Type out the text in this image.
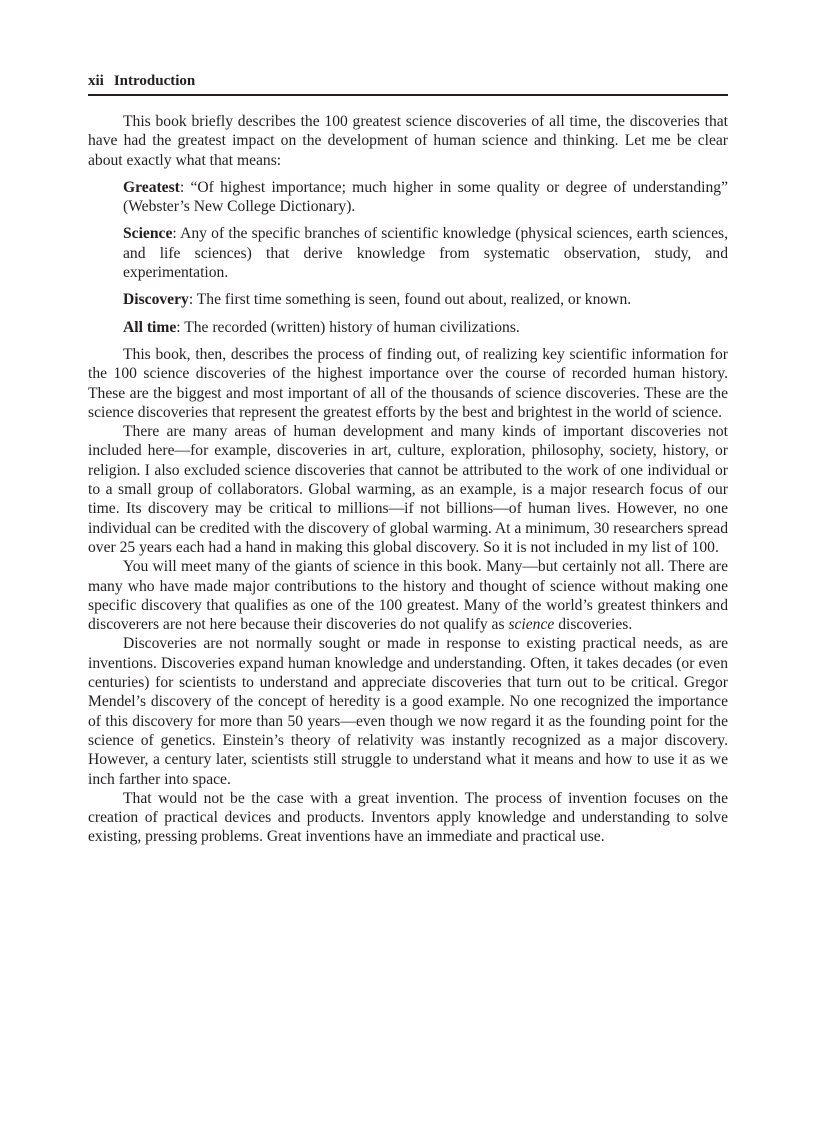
xii Introduction

This book briefly describes the 100 greatest science discoveries of all time, the discoveries that have had the greatest impact on the development of human science and thinking. Let me be clear about exactly what that means:

Greatest: “Of highest importance; much higher in some quality or degree of understanding” (Webster’s New College Dictionary).

Science: Any of the specific branches of scientific knowledge (physical sciences, earth sciences, and life sciences) that derive knowledge from systematic observation, study, and experimentation.

Discovery: The first time something is seen, found out about, realized, or known.

All time: The recorded (written) history of human civilizations.

This book, then, describes the process of finding out, of realizing key scientific information for the 100 science discoveries of the highest importance over the course of recorded human history. These are the biggest and most important of all of the thousands of science discoveries. These are the science discoveries that represent the greatest efforts by the best and brightest in the world of science.

There are many areas of human development and many kinds of important discoveries not included here—for example, discoveries in art, culture, exploration, philosophy, society, history, or religion. I also excluded science discoveries that cannot be attributed to the work of one individual or to a small group of collaborators. Global warming, as an example, is a major research focus of our time. Its discovery may be critical to millions—if not billions—of human lives. However, no one individual can be credited with the discovery of global warming. At a minimum, 30 researchers spread over 25 years each had a hand in making this global discovery. So it is not included in my list of 100.

You will meet many of the giants of science in this book. Many—but certainly not all. There are many who have made major contributions to the history and thought of science without making one specific discovery that qualifies as one of the 100 greatest. Many of the world’s greatest thinkers and discoverers are not here because their discoveries do not qualify as science discoveries.

Discoveries are not normally sought or made in response to existing practical needs, as are inventions. Discoveries expand human knowledge and understanding. Often, it takes decades (or even centuries) for scientists to understand and appreciate discoveries that turn out to be critical. Gregor Mendel’s discovery of the concept of heredity is a good example. No one recognized the importance of this discovery for more than 50 years—even though we now regard it as the founding point for the science of genetics. Einstein’s theory of relativity was instantly recognized as a major discovery. However, a century later, scientists still struggle to understand what it means and how to use it as we inch farther into space.

That would not be the case with a great invention. The process of invention focuses on the creation of practical devices and products. Inventors apply knowledge and understanding to solve existing, pressing problems. Great inventions have an immediate and practical use.
